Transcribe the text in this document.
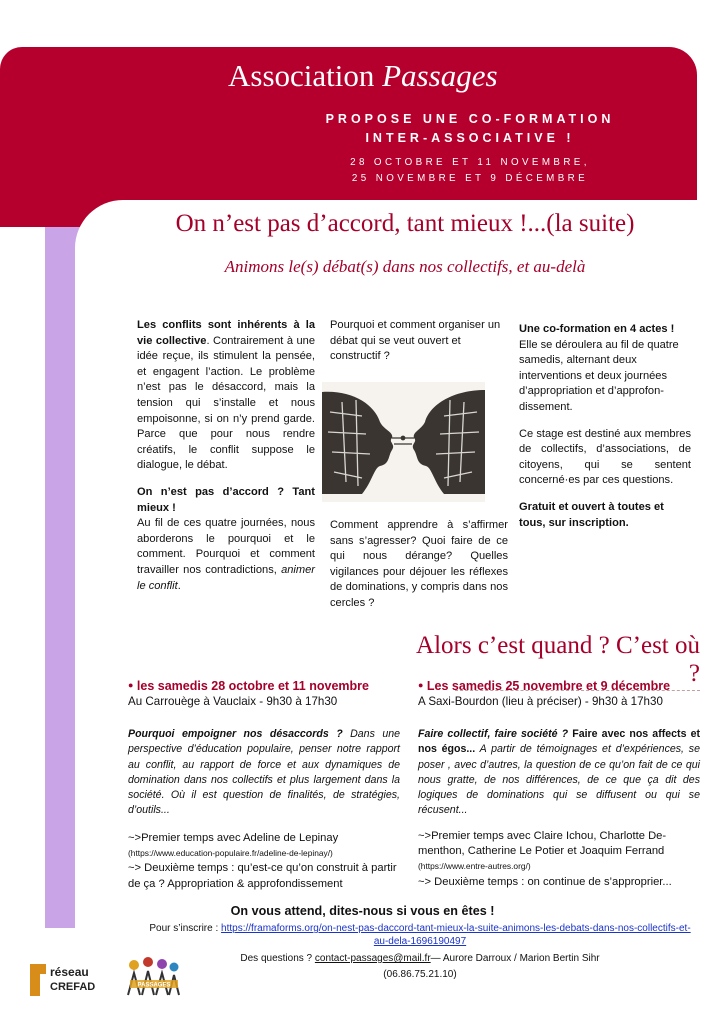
Association Passages
PROPOSE UNE CO-FORMATION
INTER-ASSOCIATIVE !
28 OCTOBRE ET 11 NOVEMBRE,
25 NOVEMBRE ET 9 DÉCEMBRE
On n’est pas d’accord, tant mieux !...(la suite)
Animons le(s) débat(s) dans nos collectifs, et au-delà

Les conflits sont inhérents à la vie collective. Contrairement à une idée reçue, ils stimulent la pensée, et engagent l’action. Le problème n’est pas le désaccord, mais la tension qui s’installe et nous empoisonne, si on n’y prend garde. Parce que pour nous rendre créatifs, le conflit suppose le dialogue, le débat.

On n’est pas d’accord ? Tant mieux !
Au fil de ces quatre journées, nous aborderons le pourquoi et le comment. Pourquoi et comment travailler nos contradictions, animer le conflit.

Pourquoi et comment organiser un débat qui se veut ouvert et constructif ?
Comment apprendre à s’affirmer sans s’agresser? Quoi faire de ce qui nous dérange? Quelles vigilances pour déjouer les réflexes de dominations, y compris dans nos cercles ?

Une co-formation en 4 actes ! Elle se déroulera au fil de quatre samedis, alternant deux interventions et deux journées d’appropriation et d’approfondissement.

Ce stage est destiné aux membres de collectifs, d’associations, de citoyens, qui se sentent concerné·es par ces questions.

Gratuit et ouvert à toutes et tous, sur inscription.

Alors c’est quand ? C’est où ?
● les samedis 28 octobre et 11 novembre
Au Carrouège à Vauclaix - 9h30 à 17h30
Pourquoi empoigner nos désaccords ? Dans une perspective d’éducation populaire, penser notre rapport au conflit, au rapport de force et aux dynamiques de domination dans nos collectifs et plus largement dans la société. Où il est question de finalités, de stratégies, d’outils...
~>Premier temps avec Adeline de Lepinay
(https://www.education-populaire.fr/adeline-de-lepinay/)
~> Deuxième temps : qu’est-ce qu’on construit à partir de ça ? Appropriation & approfondissement
● Les samedis 25 novembre et 9 décembre
A Saxi-Bourdon (lieu à préciser) - 9h30 à 17h30
Faire collectif, faire société ? Faire avec nos affects et nos égos... A partir de témoignages et d’expériences, se poser , avec d’autres, la question de ce qu’on fait de ce qui nous gratte, de nos différences, de ce que ça dit des logiques de dominations qui se diffusent ou qui se récusent...
~>Premier temps avec Claire Ichou, Charlotte Dementhon, Catherine Le Potier et Joaquim Ferrand
(https://www.entre-autres.org/)
~> Deuxième temps : on continue de s’approprier...
On vous attend, dites-nous si vous en êtes !
Pour s’inscrire : https://framaforms.org/on-nest-pas-daccord-tant-mieux-la-suite-animons-les-debats-dans-nos-collectifs-et-
au-dela-1696190497
Des questions ? contact-passages@mail.fr— Aurore Darroux / Marion Bertin Sihr
(06.86.75.21.10)
réseau
CREFAD	PASSAGES
